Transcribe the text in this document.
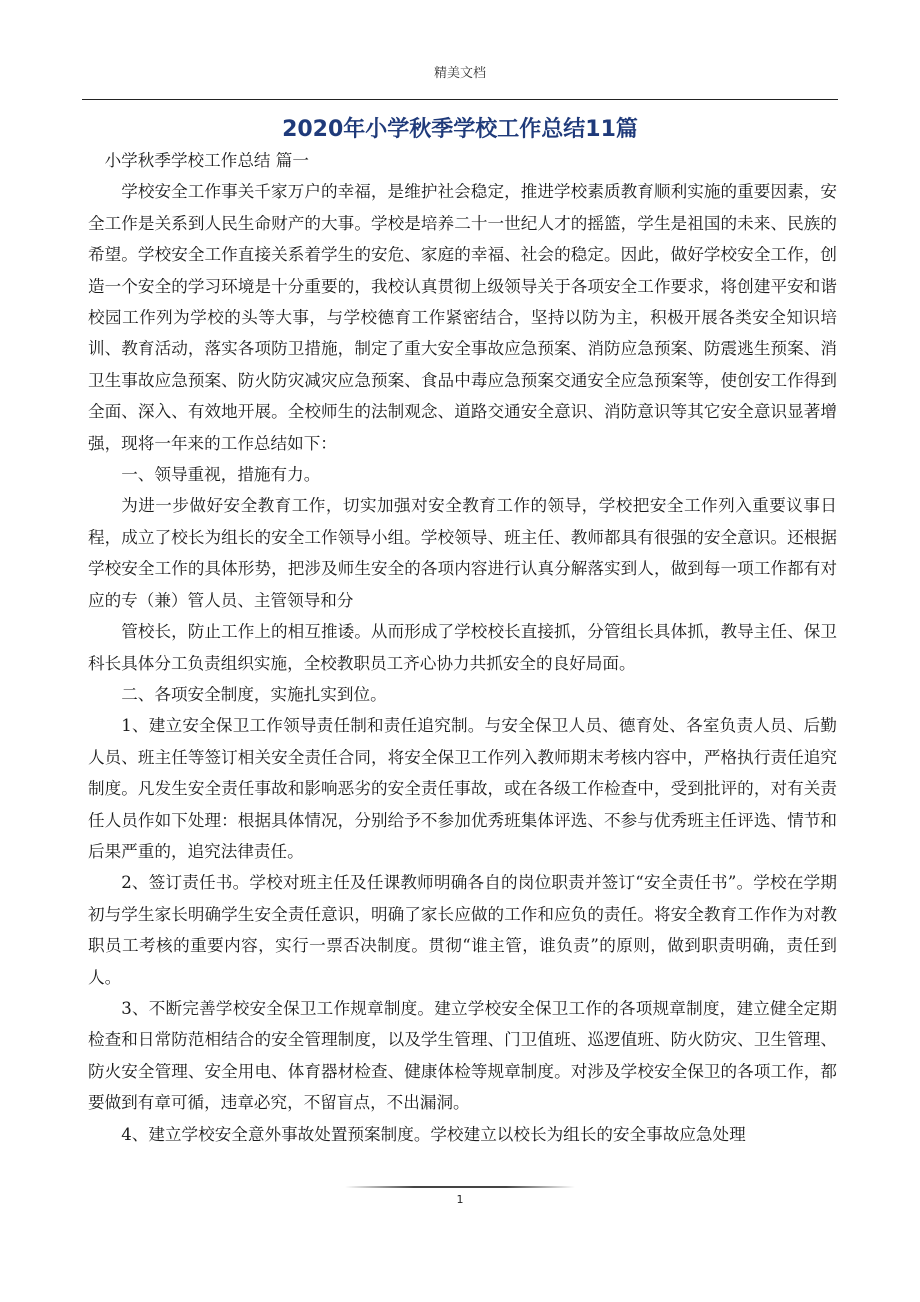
精美文档
2020年小学秋季学校工作总结11篇

小学秋季学校工作总结 篇一

学校安全工作事关千家万户的幸福，是维护社会稳定，推进学校素质教育顺利实施的重要因素，安全工作是关系到人民生命财产的大事。学校是培养二十一世纪人才的摇篮，学生是祖国的未来、民族的希望。学校安全工作直接关系着学生的安危、家庭的幸福、社会的稳定。因此，做好学校安全工作，创造一个安全的学习环境是十分重要的，我校认真贯彻上级领导关于各项安全工作要求，将创建平安和谐校园工作列为学校的头等大事，与学校德育工作紧密结合，坚持以防为主，积极开展各类安全知识培训、教育活动，落实各项防卫措施，制定了重大安全事故应急预案、消防应急预案、防震逃生预案、消卫生事故应急预案、防火防灾减灾应急预案、食品中毒应急预案交通安全应急预案等，使创安工作得到全面、深入、有效地开展。全校师生的法制观念、道路交通安全意识、消防意识等其它安全意识显著增强，现将一年来的工作总结如下：

一、领导重视，措施有力。

为进一步做好安全教育工作，切实加强对安全教育工作的领导，学校把安全工作列入重要议事日程，成立了校长为组长的安全工作领导小组。学校领导、班主任、教师都具有很强的安全意识。还根据学校安全工作的具体形势，把涉及师生安全的各项内容进行认真分解落实到人，做到每一项工作都有对应的专（兼）管人员、主管领导和分

管校长，防止工作上的相互推诿。从而形成了学校校长直接抓，分管组长具体抓，教导主任、保卫科长具体分工负责组织实施，全校教职员工齐心协力共抓安全的良好局面。

二、各项安全制度，实施扎实到位。

1、建立安全保卫工作领导责任制和责任追究制。与安全保卫人员、德育处、各室负责人员、后勤人员、班主任等签订相关安全责任合同，将安全保卫工作列入教师期末考核内容中，严格执行责任追究制度。凡发生安全责任事故和影响恶劣的安全责任事故，或在各级工作检查中，受到批评的，对有关责任人员作如下处理：根据具体情况，分别给予不参加优秀班集体评选、不参与优秀班主任评选、情节和后果严重的，追究法律责任。

2、签订责任书。学校对班主任及任课教师明确各自的岗位职责并签订“安全责任书”。学校在学期初与学生家长明确学生安全责任意识，明确了家长应做的工作和应负的责任。将安全教育工作作为对教职员工考核的重要内容，实行一票否决制度。贯彻“谁主管，谁负责”的原则，做到职责明确，责任到人。

3、不断完善学校安全保卫工作规章制度。建立学校安全保卫工作的各项规章制度，建立健全定期检查和日常防范相结合的安全管理制度，以及学生管理、门卫值班、巡逻值班、防火防灾、卫生管理、防火安全管理、安全用电、体育器材检查、健康体检等规章制度。对涉及学校安全保卫的各项工作，都要做到有章可循，违章必究，不留盲点，不出漏洞。

4、建立学校安全意外事故处置预案制度。学校建立以校长为组长的安全事故应急处理

1
